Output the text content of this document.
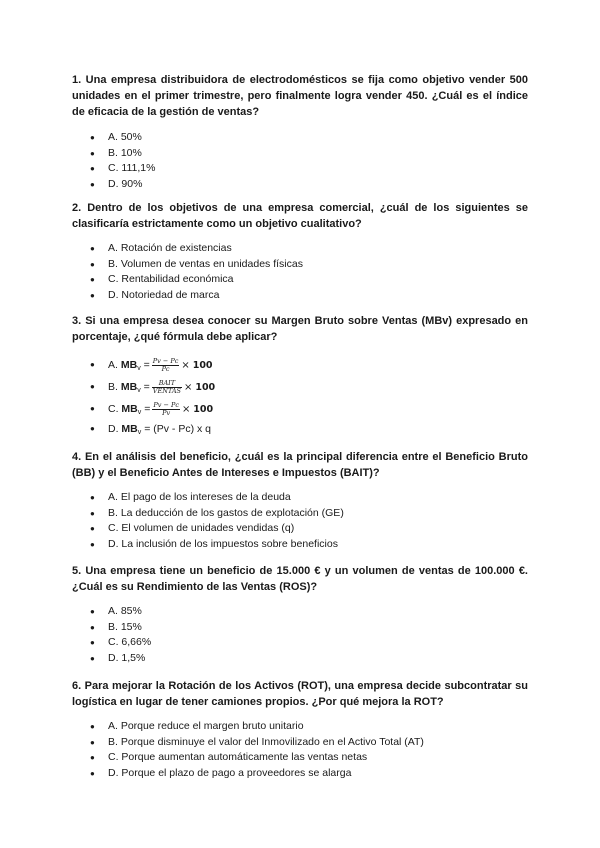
1. Una empresa distribuidora de electrodomésticos se fija como objetivo vender 500 unidades en el primer trimestre, pero finalmente logra vender 450. ¿Cuál es el índice de eficacia de la gestión de ventas?

● A. 50%
● B. 10%
● C. 111,1%
● D. 90%

2. Dentro de los objetivos de una empresa comercial, ¿cuál de los siguientes se clasificaría estrictamente como un objetivo cualitativo?

● A. Rotación de existencias
● B. Volumen de ventas en unidades físicas
● C. Rentabilidad económica
● D. Notoriedad de marca

3. Si una empresa desea conocer su Margen Bruto sobre Ventas (MBv) expresado en porcentaje, ¿qué fórmula debe aplicar?

● A. $MB_v = \frac{Pv - Pc}{Pc} \times 100$
● B. $MB_v = \frac{\text{BAIT}}{\text{VENTAS}} \times 100$
● C. $MB_v = \frac{Pv - Pc}{Pv} \times 100$
● D. $MB_v = (Pv - Pc)$ x q

4. En el análisis del beneficio, ¿cuál es la principal diferencia entre el Beneficio Bruto (BB) y el Beneficio Antes de Intereses e Impuestos (BAIT)?

● A. El pago de los intereses de la deuda
● B. La deducción de los gastos de explotación (GE)
● C. El volumen de unidades vendidas (q)
● D. La inclusión de los impuestos sobre beneficios

5. Una empresa tiene un beneficio de 15.000 € y un volumen de ventas de 100.000 €. ¿Cuál es su Rendimiento de las Ventas (ROS)?

● A. 85%
● B. 15%
● C. 6,66%
● D. 1,5%

6. Para mejorar la Rotación de los Activos (ROT), una empresa decide subcontratar su logística en lugar de tener camiones propios. ¿Por qué mejora la ROT?

● A. Porque reduce el margen bruto unitario
● B. Porque disminuye el valor del Inmovilizado en el Activo Total (AT)
● C. Porque aumentan automáticamente las ventas netas
● D. Porque el plazo de pago a proveedores se alarga
